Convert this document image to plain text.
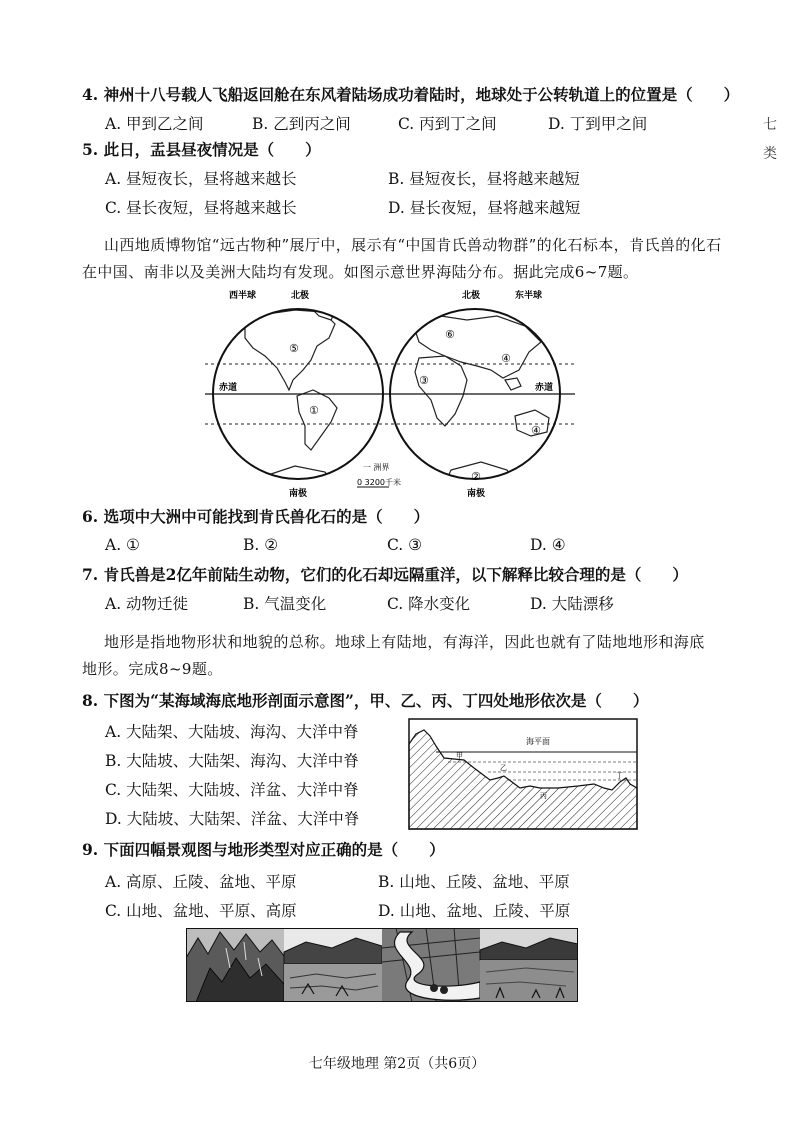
4. 神州十八号载人飞船返回舱在东风着陆场成功着陆时，地球处于公转轨道上的位置是（　　）
A. 甲到乙之间	B. 乙到丙之间	C. 丙到丁之间	D. 丁到甲之间
5. 此日，盂县昼夜情况是（　　）
A. 昼短夜长，昼将越来越长	B. 昼短夜长，昼将越来越短
C. 昼长夜短，昼将越来越长	D. 昼长夜短，昼将越来越短
山西地质博物馆“远古物种”展厅中，展示有“中国肯氏兽动物群”的化石标本，肯氏兽的化石
在中国、南非以及美洲大陆均有发现。如图示意世界海陆分布。据此完成6~7题。
西半球	北极	北极	东半球
赤道	赤道
南极	南极
⑤
①
⑥
④
③
④
②
一 洲界
0 3200千米
6. 选项中大洲中可能找到肯氏兽化石的是（　　）
A. ①	B. ②	C. ③	D. ④
7. 肯氏兽是2亿年前陆生动物，它们的化石却远隔重洋，以下解释比较合理的是（　　）
A. 动物迁徙	B. 气温变化	C. 降水变化	D. 大陆漂移
地形是指地物形状和地貌的总称。地球上有陆地，有海洋，因此也就有了陆地地形和海底
地形。完成8~9题。
8. 下图为“某海域海底地形剖面示意图”，甲、乙、丙、丁四处地形依次是（　　）
A. 大陆架、大陆坡、海沟、大洋中脊
B. 大陆坡、大陆架、海沟、大洋中脊
C. 大陆架、大陆坡、洋盆、大洋中脊
D. 大陆坡、大陆架、洋盆、大洋中脊
海平面
甲
乙
丙
丁
9. 下面四幅景观图与地形类型对应正确的是（　　）
A. 高原、丘陵、盆地、平原	B. 山地、丘陵、盆地、平原
C. 山地、盆地、平原、高原	D. 山地、盆地、丘陵、平原
七
类
七年级地理 第2页（共6页）
